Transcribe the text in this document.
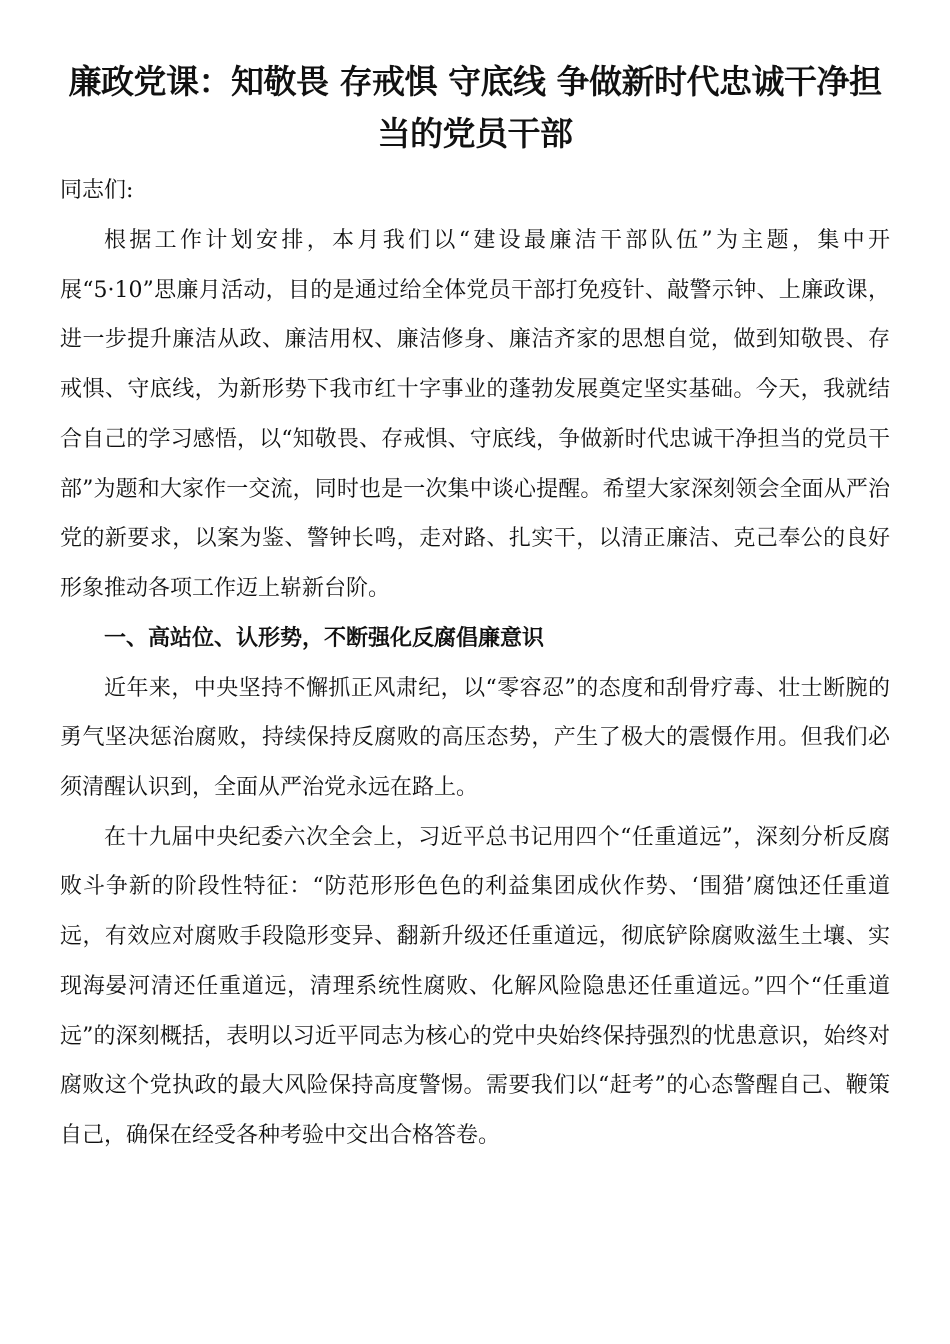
廉政党课：知敬畏 存戒惧 守底线 争做新时代忠诚干净担当的党员干部

同志们:

根据工作计划安排，本月我们以“建设最廉洁干部队伍”为主题，集中开展“5·10”思廉月活动，目的是通过给全体党员干部打免疫针、敲警示钟、上廉政课，进一步提升廉洁从政、廉洁用权、廉洁修身、廉洁齐家的思想自觉，做到知敬畏、存戒惧、守底线，为新形势下我市红十字事业的蓬勃发展奠定坚实基础。今天，我就结合自己的学习感悟，以“知敬畏、存戒惧、守底线，争做新时代忠诚干净担当的党员干部”为题和大家作一交流，同时也是一次集中谈心提醒。希望大家深刻领会全面从严治党的新要求，以案为鉴、警钟长鸣，走对路、扎实干，以清正廉洁、克己奉公的良好形象推动各项工作迈上崭新台阶。

一、高站位、认形势，不断强化反腐倡廉意识

近年来，中央坚持不懈抓正风肃纪，以“零容忍”的态度和刮骨疗毒、壮士断腕的勇气坚决惩治腐败，持续保持反腐败的高压态势，产生了极大的震慑作用。但我们必须清醒认识到，全面从严治党永远在路上。

在十九届中央纪委六次全会上，习近平总书记用四个“任重道远”，深刻分析反腐败斗争新的阶段性特征：“防范形形色色的利益集团成伙作势、‘围猎’腐蚀还任重道远，有效应对腐败手段隐形变异、翻新升级还任重道远，彻底铲除腐败滋生土壤、实现海晏河清还任重道远，清理系统性腐败、化解风险隐患还任重道远。”四个“任重道远”的深刻概括，表明以习近平同志为核心的党中央始终保持强烈的忧患意识，始终对腐败这个党执政的最大风险保持高度警惕。需要我们以“赶考”的心态警醒自己、鞭策自己，确保在经受各种考验中交出合格答卷。
